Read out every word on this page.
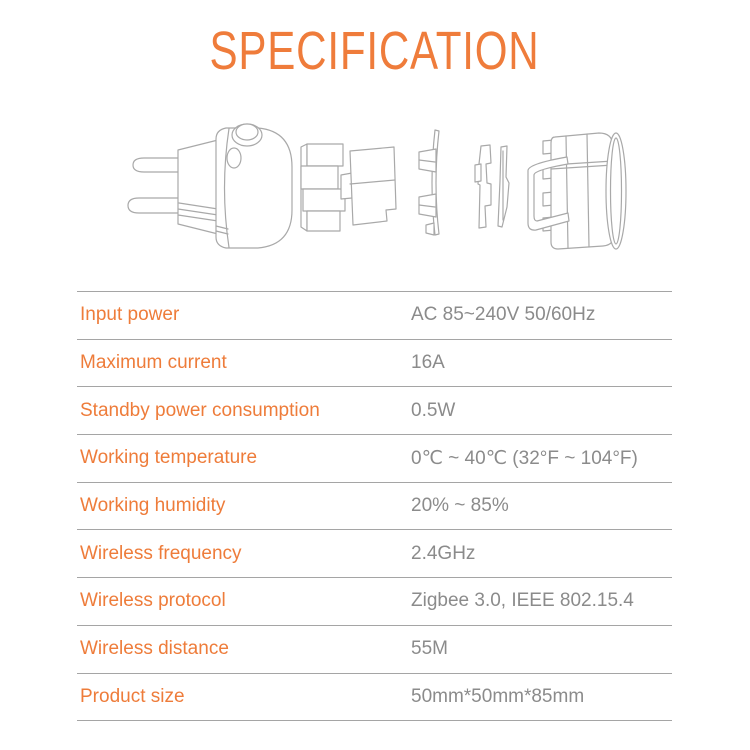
SPECIFICATION
Input power	AC 85~240V 50/60Hz
Maximum current	16A
Standby power consumption	0.5W
Working temperature	0℃ ~ 40℃ (32°F ~ 104°F)
Working humidity	20% ~ 85%
Wireless frequency	2.4GHz
Wireless protocol	Zigbee 3.0, IEEE 802.15.4
Wireless distance	55M
Product size	50mm*50mm*85mm
